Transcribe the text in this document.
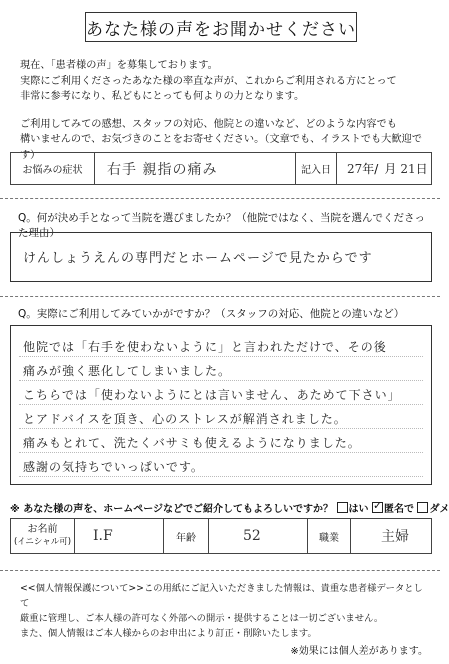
あなた様の声をお聞かせください

現在、「患者様の声」を募集しております。

実際にご利用くださったあなた様の率直な声が、これからご利用される方にとって

非常に参考になり、私どもにとっても何よりの力となります。

ご利用してみての感想、スタッフの対応、他院との違いなど、どのような内容でも

構いませんので、お気づきのことをお寄せください。（文章でも、イラストでも大歓迎です）

お悩みの症状	右手 親指の痛み	記入日	27 年/ 月 21 日
Q。何が決め手となって当院を選びましたか？（他院ではなく、当院を選んでくださった理由）
けんしょうえんの専門だとホームページで見たからです
Q。実際にご利用してみていかがですか？（スタッフの対応、他院との違いなど）
他院では「右手を使わないように」と言われただけで、その後
痛みが強く悪化してしまいました。
こちらでは「使わないようにとは言いません、あためて下さい」
とアドバイスを頂き、心のストレスが解消されました。
痛みもとれて、洗たくバサミも使えるようになりました。
感謝の気持ちでいっぱいです。
※ あなた様の声を、ホームページなどでご紹介してもよろしいですか？ はい ✓ 匿名で ダメ
お名前
(イニシャル可)	I.F	年齢	52	職業	主婦

<<個人情報保護について>>この用紙にご記入いただきました情報は、貴重な患者様データとして

厳重に管理し、ご本人様の許可なく外部への開示・提供することは一切ございません。

また、個人情報はご本人様からのお申出により訂正・削除いたします。

※効果には個人差があります。
